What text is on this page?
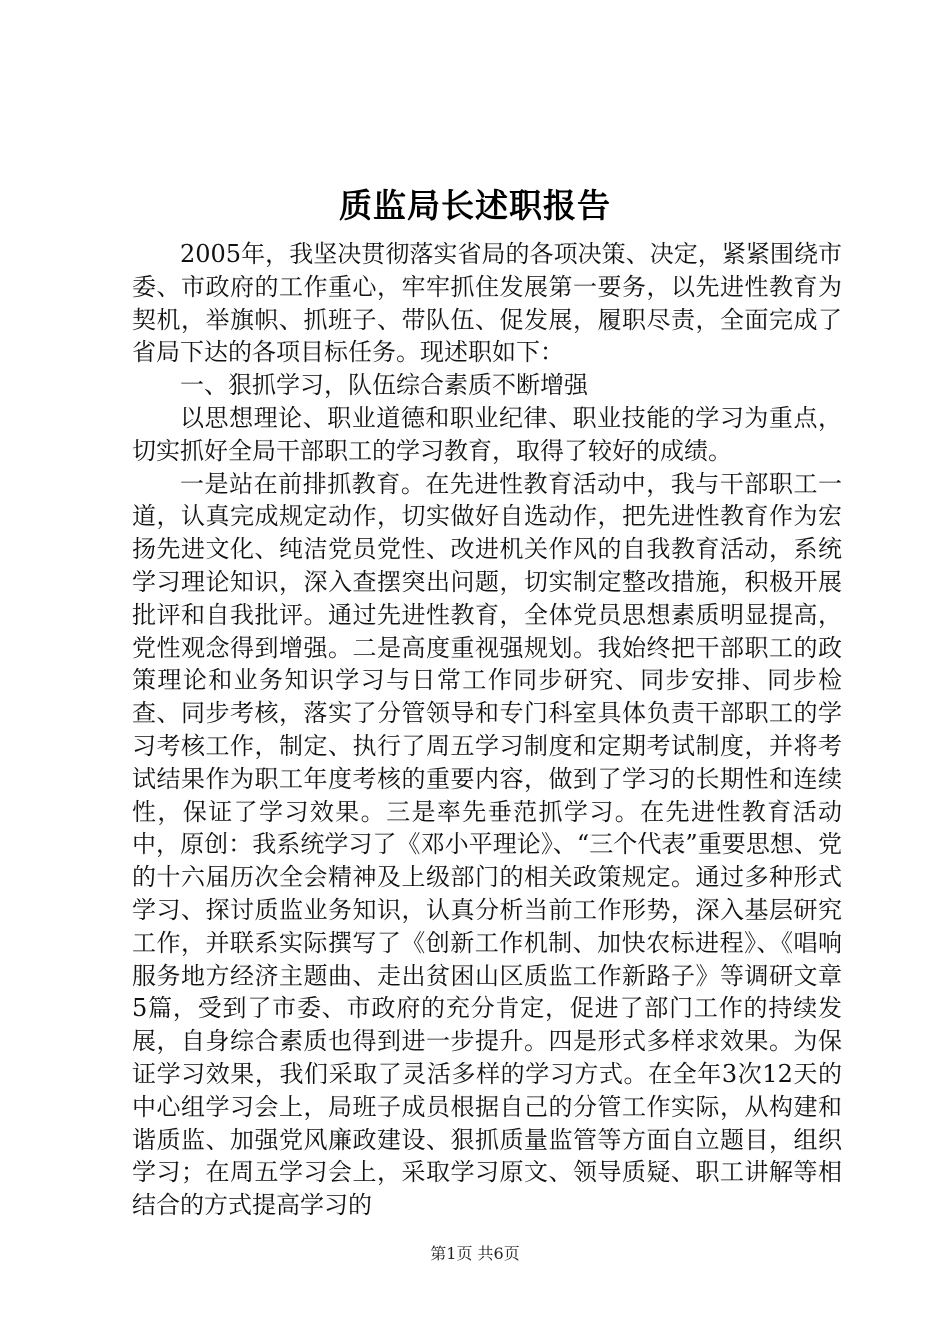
质监局长述职报告

2005年，我坚决贯彻落实省局的各项决策、决定，紧紧围绕市委、市政府的工作重心，牢牢抓住发展第一要务，以先进性教育为契机，举旗帜、抓班子、带队伍、促发展，履职尽责，全面完成了省局下达的各项目标任务。现述职如下：

一、狠抓学习，队伍综合素质不断增强

以思想理论、职业道德和职业纪律、职业技能的学习为重点，切实抓好全局干部职工的学习教育，取得了较好的成绩。

一是站在前排抓教育。在先进性教育活动中，我与干部职工一道，认真完成规定动作，切实做好自选动作，把先进性教育作为宏扬先进文化、纯洁党员党性、改进机关作风的自我教育活动，系统学习理论知识，深入查摆突出问题，切实制定整改措施，积极开展批评和自我批评。通过先进性教育，全体党员思想素质明显提高，党性观念得到增强。二是高度重视强规划。我始终把干部职工的政策理论和业务知识学习与日常工作同步研究、同步安排、同步检查、同步考核，落实了分管领导和专门科室具体负责干部职工的学习考核工作，制定、执行了周五学习制度和定期考试制度，并将考试结果作为职工年度考核的重要内容，做到了学习的长期性和连续性，保证了学习效果。三是率先垂范抓学习。在先进性教育活动中，原创：我系统学习了《邓小平理论》、“三个代表”重要思想、党的十六届历次全会精神及上级部门的相关政策规定。通过多种形式学习、探讨质监业务知识，认真分析当前工作形势，深入基层研究工作，并联系实际撰写了《创新工作机制、加快农标进程》、《唱响服务地方经济主题曲、走出贫困山区质监工作新路子》等调研文章5篇，受到了市委、市政府的充分肯定，促进了部门工作的持续发展，自身综合素质也得到进一步提升。四是形式多样求效果。为保证学习效果，我们采取了灵活多样的学习方式。在全年3次12天的中心组学习会上，局班子成员根据自己的分管工作实际，从构建和谐质监、加强党风廉政建设、狠抓质量监管等方面自立题目，组织学习；在周五学习会上，采取学习原文、领导质疑、职工讲解等相结合的方式提高学习的

第1页 共6页
